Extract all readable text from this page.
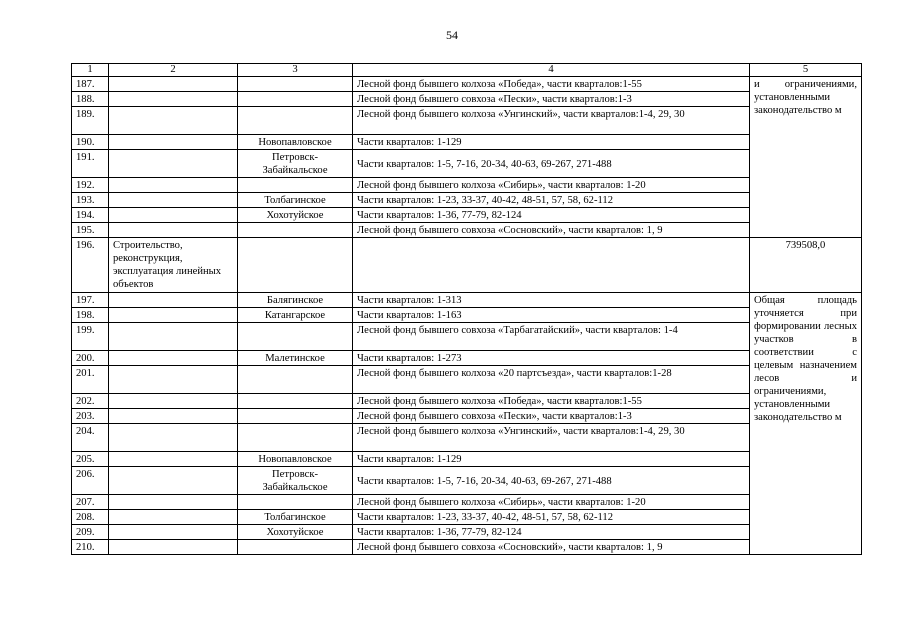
54
1	2	3	4	5
187.			Лесной фонд бывшего колхоза «Победа», части кварталов:1-55	и ограничениями, установленными законодательство м
188.			Лесной фонд бывшего совхоза «Пески», части кварталов:1-3	
189.			Лесной фонд бывшего колхоза «Унгинский», части кварталов:1-4, 29, 30	
190.		Новопавловское	Части кварталов: 1-129	
191.		Петровск-Забайкальское	Части кварталов: 1-5, 7-16, 20-34, 40-63, 69-267, 271-488	
192.			Лесной фонд бывшего колхоза «Сибирь», части кварталов: 1-20	
193.		Толбагинское	Части кварталов: 1-23, 33-37, 40-42, 48-51, 57, 58, 62-112	
194.		Хохотуйское	Части кварталов: 1-36, 77-79, 82-124	
195.			Лесной фонд бывшего совхоза «Сосновский», части кварталов: 1, 9	
196.	Строительство, реконструкция, эксплуатация линейных объектов			739508,0
197.		Балягинское	Части кварталов: 1-313	Общая площадь уточняется при формировании лесных участков в соответствии с целевым назначением лесов и ограничениями, установленными законодательство м
198.		Катангарское	Части кварталов: 1-163	
199.			Лесной фонд бывшего совхоза «Тарбагатайский», части кварталов: 1-4	
200.		Малетинское	Части кварталов: 1-273	
201.			Лесной фонд бывшего колхоза «20 партсъезда», части кварталов:1-28	
202.			Лесной фонд бывшего колхоза «Победа», части кварталов:1-55	
203.			Лесной фонд бывшего совхоза «Пески», части кварталов:1-3	
204.			Лесной фонд бывшего колхоза «Унгинский», части кварталов:1-4, 29, 30	
205.		Новопавловское	Части кварталов: 1-129	
206.		Петровск-Забайкальское	Части кварталов: 1-5, 7-16, 20-34, 40-63, 69-267, 271-488	
207.			Лесной фонд бывшего колхоза «Сибирь», части кварталов: 1-20	
208.		Толбагинское	Части кварталов: 1-23, 33-37, 40-42, 48-51, 57, 58, 62-112	
209.		Хохотуйское	Части кварталов: 1-36, 77-79, 82-124	
210.			Лесной фонд бывшего совхоза «Сосновский», части кварталов: 1, 9	
